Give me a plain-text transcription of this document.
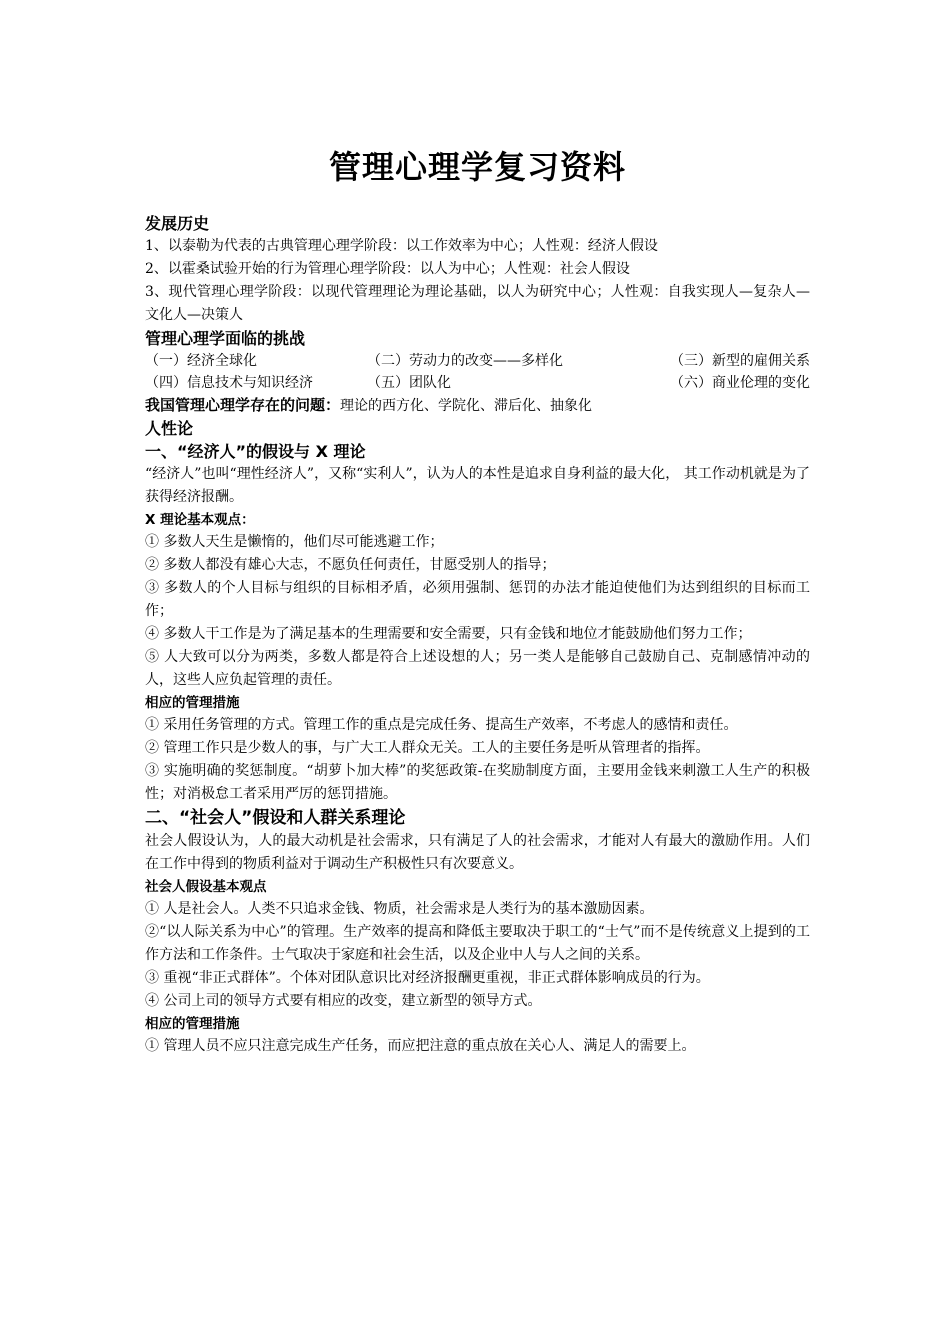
管理心理学复习资料

发展历史

1、以泰勒为代表的古典管理心理学阶段：以工作效率为中心；人性观：经济人假设

2、以霍桑试验开始的行为管理心理学阶段：以人为中心；人性观：社会人假设

3、现代管理心理学阶段：以现代管理理论为理论基础，以人为研究中心；人性观：自我实现人—复杂人—文化人—决策人

管理心理学面临的挑战

（一）经济全球化	（二）劳动力的改变——多样化	（三）新型的雇佣关系
（四）信息技术与知识经济	（五）团队化	（六）商业伦理的变化

我国管理心理学存在的问题：理论的西方化、学院化、滞后化、抽象化

人性论

一、“经济人”的假设与 X 理论

“经济人”也叫“理性经济人”，又称“实利人”，认为人的本性是追求自身利益的最大化， 其工作动机就是为了获得经济报酬。

X 理论基本观点：

① 多数人天生是懒惰的，他们尽可能逃避工作；

② 多数人都没有雄心大志，不愿负任何责任，甘愿受别人的指导；

③ 多数人的个人目标与组织的目标相矛盾，必须用强制、惩罚的办法才能迫使他们为达到组织的目标而工作；

④ 多数人干工作是为了满足基本的生理需要和安全需要，只有金钱和地位才能鼓励他们努力工作；

⑤ 人大致可以分为两类，多数人都是符合上述设想的人；另一类人是能够自己鼓励自己、克制感情冲动的人，这些人应负起管理的责任。

相应的管理措施

① 采用任务管理的方式。管理工作的重点是完成任务、提高生产效率，不考虑人的感情和责任。

② 管理工作只是少数人的事，与广大工人群众无关。工人的主要任务是听从管理者的指挥。

③ 实施明确的奖惩制度。“胡萝卜加大棒”的奖惩政策-在奖励制度方面，主要用金钱来刺激工人生产的积极性；对消极怠工者采用严厉的惩罚措施。

二、“社会人”假设和人群关系理论

社会人假设认为，人的最大动机是社会需求，只有满足了人的社会需求，才能对人有最大的激励作用。人们在工作中得到的物质利益对于调动生产积极性只有次要意义。

社会人假设基本观点

① 人是社会人。人类不只追求金钱、物质，社会需求是人类行为的基本激励因素。

②“以人际关系为中心”的管理。生产效率的提高和降低主要取决于职工的“士气”而不是传统意义上提到的工作方法和工作条件。士气取决于家庭和社会生活，以及企业中人与人之间的关系。

③ 重视“非正式群体”。个体对团队意识比对经济报酬更重视，非正式群体影响成员的行为。

④ 公司上司的领导方式要有相应的改变，建立新型的领导方式。

相应的管理措施

① 管理人员不应只注意完成生产任务，而应把注意的重点放在关心人、满足人的需要上。
